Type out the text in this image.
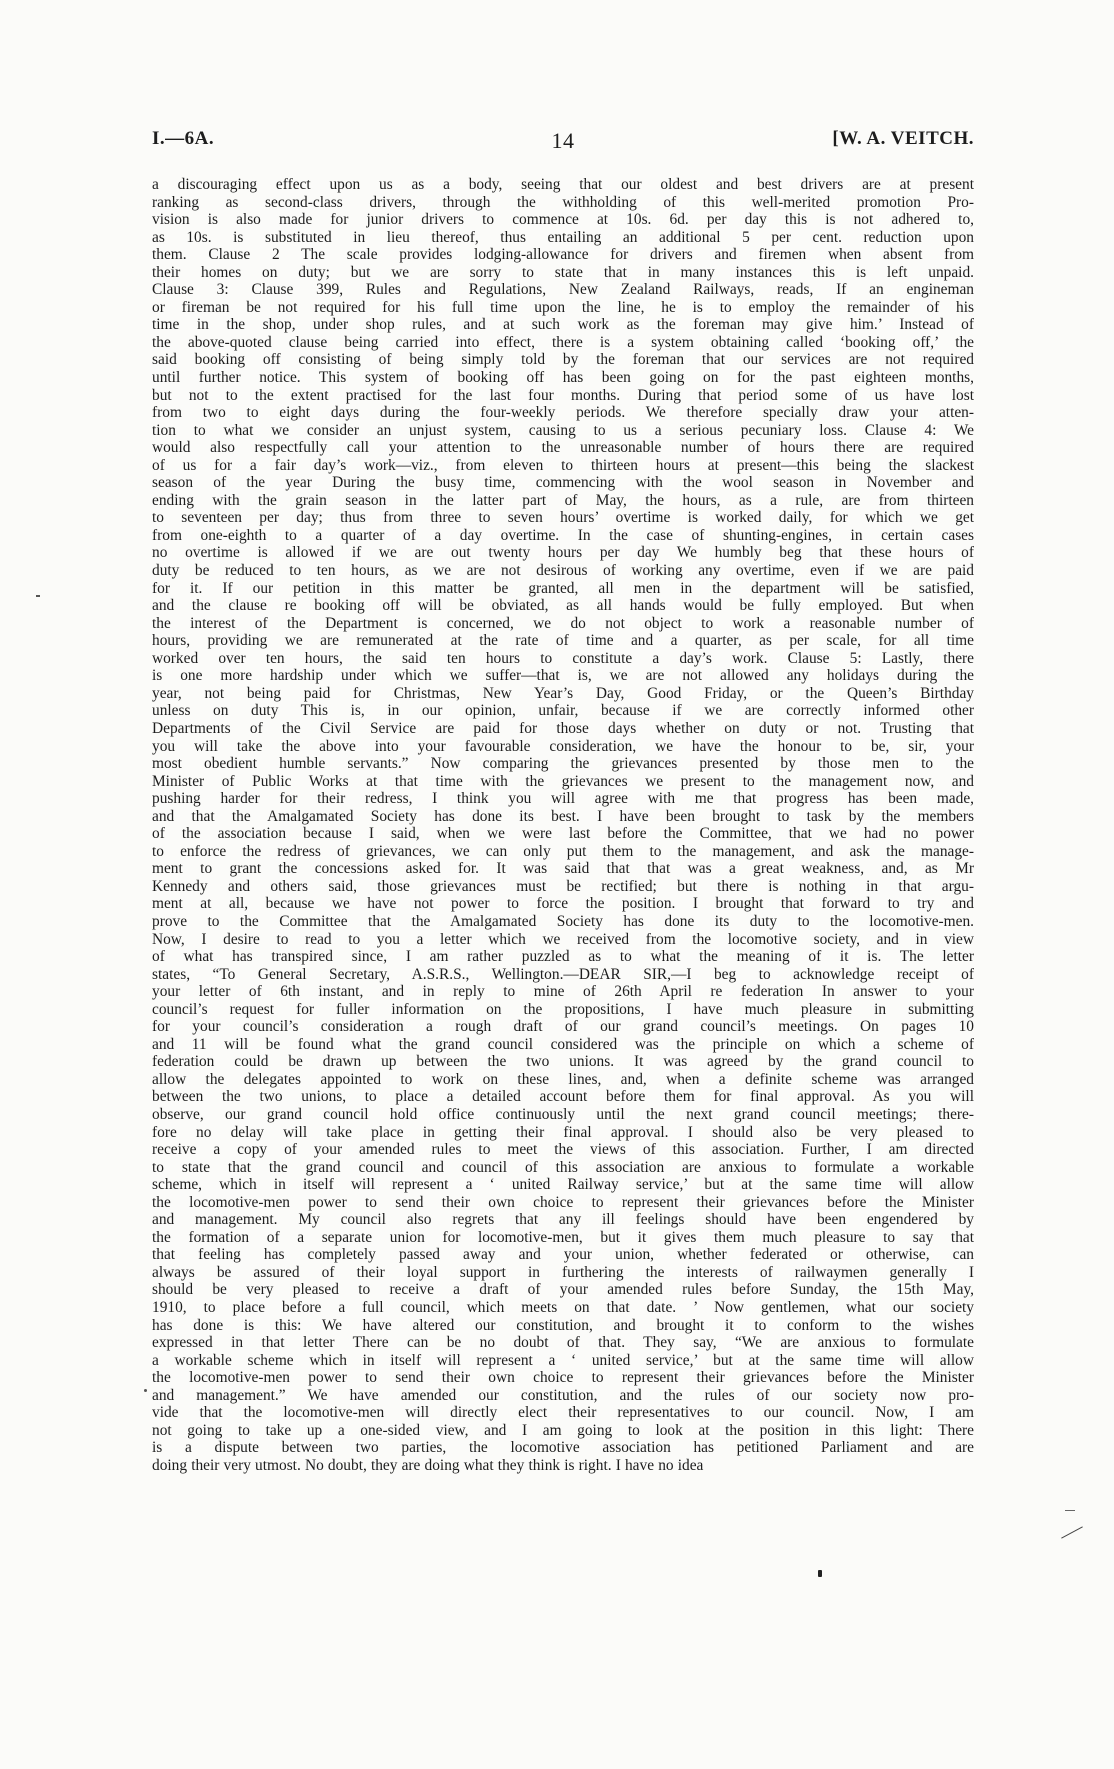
I.—6A.	14	[W. A. VEITCH.
a discouraging effect upon us as a body, seeing that our oldest and best drivers are at present
ranking as second-class drivers, through the withholding of this well-merited promotion Pro-
vision is also made for junior drivers to commence at 10s. 6d. per day this is not adhered to,
as 10s. is substituted in lieu thereof, thus entailing an additional 5 per cent. reduction upon
them. Clause 2 The scale provides lodging-allowance for drivers and firemen when absent from
their homes on duty; but we are sorry to state that in many instances this is left unpaid.
Clause 3: Clause 399, Rules and Regulations, New Zealand Railways, reads, If an engineman
or fireman be not required for his full time upon the line, he is to employ the remainder of his
time in the shop, under shop rules, and at such work as the foreman may give him.’ Instead of
the above-quoted clause being carried into effect, there is a system obtaining called ‘booking off,’ the
said booking off consisting of being simply told by the foreman that our services are not required
until further notice. This system of booking off has been going on for the past eighteen months,
but not to the extent practised for the last four months. During that period some of us have lost
from two to eight days during the four-weekly periods. We therefore specially draw your atten-
tion to what we consider an unjust system, causing to us a serious pecuniary loss. Clause 4: We
would also respectfully call your attention to the unreasonable number of hours there are required
of us for a fair day’s work—viz., from eleven to thirteen hours at present—this being the slackest
season of the year During the busy time, commencing with the wool season in November and
ending with the grain season in the latter part of May, the hours, as a rule, are from thirteen
to seventeen per day; thus from three to seven hours’ overtime is worked daily, for which we get
from one-eighth to a quarter of a day overtime. In the case of shunting-engines, in certain cases
no overtime is allowed if we are out twenty hours per day We humbly beg that these hours of
duty be reduced to ten hours, as we are not desirous of working any overtime, even if we are paid
for it. If our petition in this matter be granted, all men in the department will be satisfied,
and the clause re booking off will be obviated, as all hands would be fully employed. But when
the interest of the Department is concerned, we do not object to work a reasonable number of
hours, providing we are remunerated at the rate of time and a quarter, as per scale, for all time
worked over ten hours, the said ten hours to constitute a day’s work. Clause 5: Lastly, there
is one more hardship under which we suffer—that is, we are not allowed any holidays during the
year, not being paid for Christmas, New Year’s Day, Good Friday, or the Queen’s Birthday
unless on duty This is, in our opinion, unfair, because if we are correctly informed other
Departments of the Civil Service are paid for those days whether on duty or not. Trusting that
you will take the above into your favourable consideration, we have the honour to be, sir, your
most obedient humble servants.” Now comparing the grievances presented by those men to the
Minister of Public Works at that time with the grievances we present to the management now, and
pushing harder for their redress, I think you will agree with me that progress has been made,
and that the Amalgamated Society has done its best. I have been brought to task by the members
of the association because I said, when we were last before the Committee, that we had no power
to enforce the redress of grievances, we can only put them to the management, and ask the manage-
ment to grant the concessions asked for. It was said that that was a great weakness, and, as Mr
Kennedy and others said, those grievances must be rectified; but there is nothing in that argu-
ment at all, because we have not power to force the position. I brought that forward to try and
prove to the Committee that the Amalgamated Society has done its duty to the locomotive-men.
Now, I desire to read to you a letter which we received from the locomotive society, and in view
of what has transpired since, I am rather puzzled as to what the meaning of it is. The letter
states, “To General Secretary, A.S.R.S., Wellington.—DEAR SIR,—I beg to acknowledge receipt of
your letter of 6th instant, and in reply to mine of 26th April re federation In answer to your
council’s request for fuller information on the propositions, I have much pleasure in submitting
for your council’s consideration a rough draft of our grand council’s meetings. On pages 10
and 11 will be found what the grand council considered was the principle on which a scheme of
federation could be drawn up between the two unions. It was agreed by the grand council to
allow the delegates appointed to work on these lines, and, when a definite scheme was arranged
between the two unions, to place a detailed account before them for final approval. As you will
observe, our grand council hold office continuously until the next grand council meetings; there-
fore no delay will take place in getting their final approval. I should also be very pleased to
receive a copy of your amended rules to meet the views of this association. Further, I am directed
to state that the grand council and council of this association are anxious to formulate a workable
scheme, which in itself will represent a ‘ united Railway service,’ but at the same time will allow
the locomotive-men power to send their own choice to represent their grievances before the Minister
and management. My council also regrets that any ill feelings should have been engendered by
the formation of a separate union for locomotive-men, but it gives them much pleasure to say that
that feeling has completely passed away and your union, whether federated or otherwise, can
always be assured of their loyal support in furthering the interests of railwaymen generally I
should be very pleased to receive a draft of your amended rules before Sunday, the 15th May,
1910, to place before a full council, which meets on that date. ’ Now gentlemen, what our society
has done is this: We have altered our constitution, and brought it to conform to the wishes
expressed in that letter There can be no doubt of that. They say, “We are anxious to formulate
a workable scheme which in itself will represent a ‘ united service,’ but at the same time will allow
the locomotive-men power to send their own choice to represent their grievances before the Minister
and management.” We have amended our constitution, and the rules of our society now pro-
vide that the locomotive-men will directly elect their representatives to our council. Now, I am
not going to take up a one-sided view, and I am going to look at the position in this light: There
is a dispute between two parties, the locomotive association has petitioned Parliament and are
doing their very utmost. No doubt, they are doing what they think is right. I have no idea
